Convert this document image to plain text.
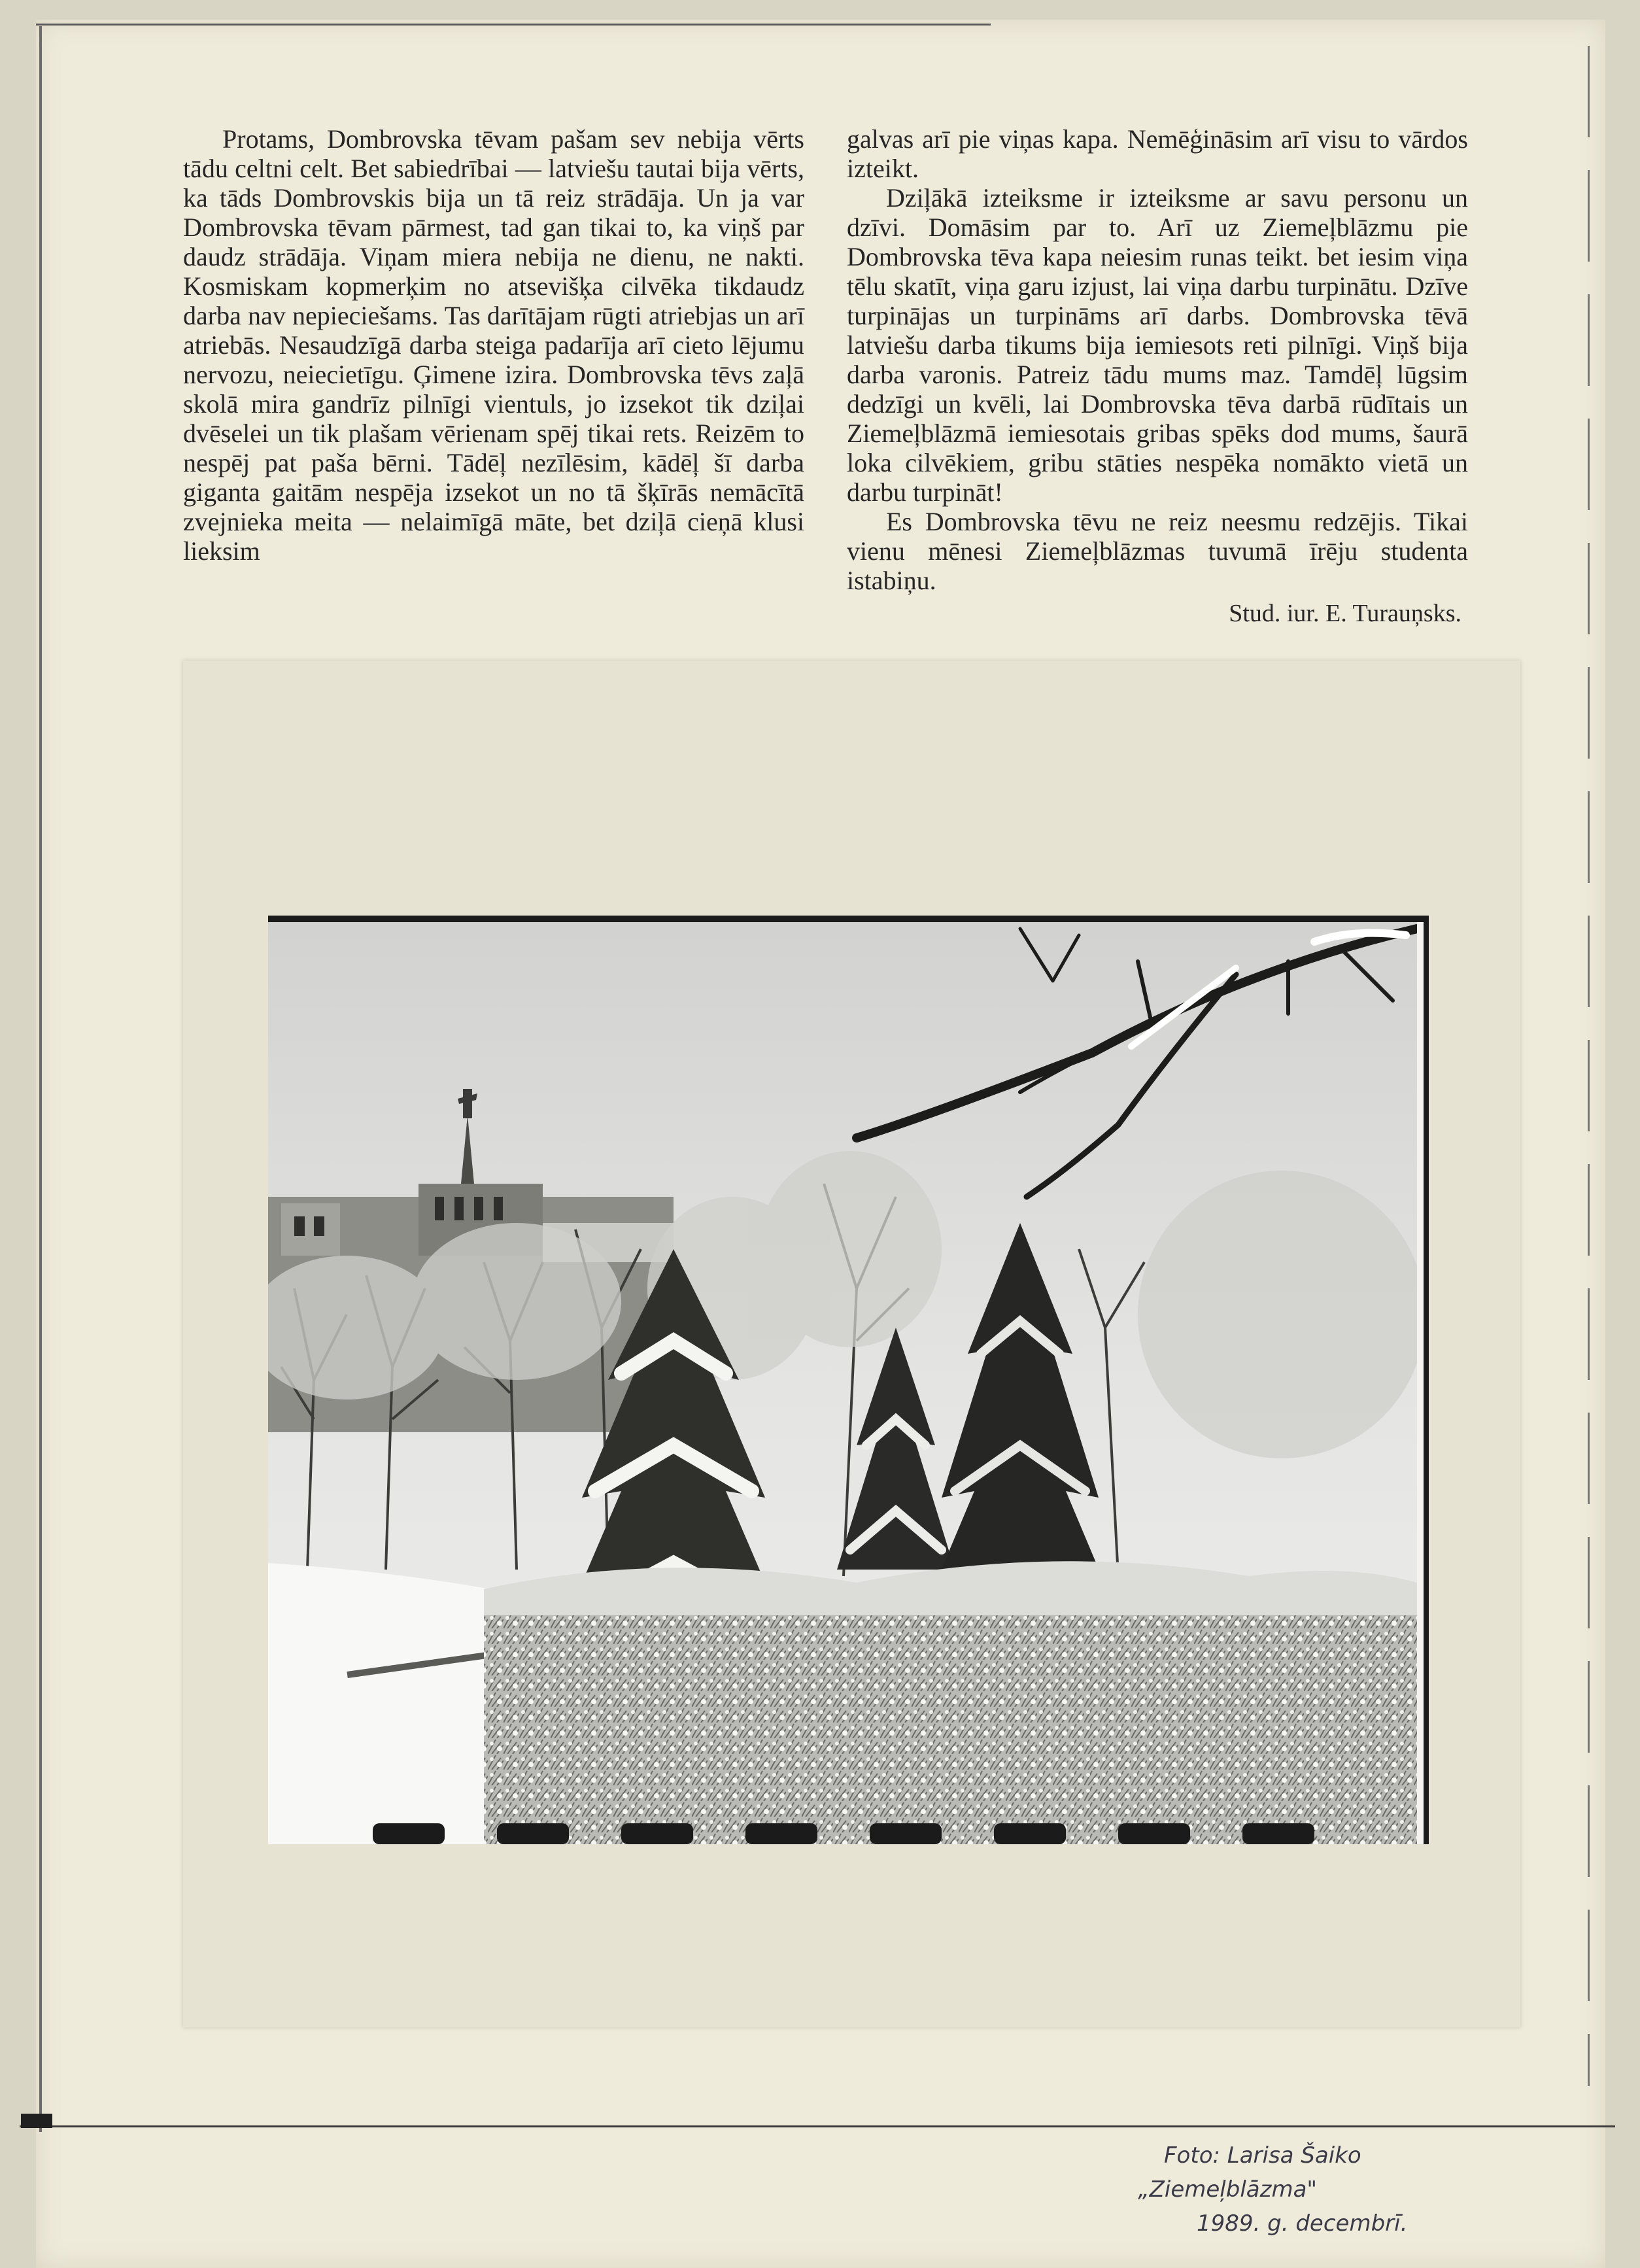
Protams, Dombrovska tēvam pašam sev nebija vērts tādu celtni celt. Bet sabiedrībai — latviešu tautai bija vērts, ka tāds Dombrovskis bija un tā reiz strādāja. Un ja var Dombrovska tēvam pārmest, tad gan tikai to, ka viņš par daudz strādāja. Viņam miera nebija ne dienu, ne nakti. Kosmiskam kopmerķim no atsevišķa cilvēka tikdaudz darba nav nepieciešams. Tas darītājam rūgti atriebjas un arī atriebās. Nesaudzīgā darba steiga padarīja arī cieto lējumu nervozu, neiecietīgu. Ģimene izira. Dombrovska tēvs zaļā skolā mira gandrīz pilnīgi vientuls, jo izsekot tik dziļai dvēselei un tik plašam vērienam spēj tikai rets. Reizēm to nespēj pat paša bērni. Tādēļ nezīlēsim, kādēļ šī darba giganta gaitām nespēja izsekot un no tā šķīrās nemācītā zvejnieka meita — nelaimīgā māte, bet dziļā cieņā klusi lieksim

galvas arī pie viņas kapa. Nemēģināsim arī visu to vārdos izteikt.

Dziļākā izteiksme ir izteiksme ar savu personu un dzīvi. Domāsim par to. Arī uz Ziemeļblāzmu pie Dombrovska tēva kapa neiesim runas teikt. bet iesim viņa tēlu skatīt, viņa garu izjust, lai viņa darbu turpinātu. Dzīve turpinājas un turpināms arī darbs. Dombrovska tēvā latviešu darba tikums bija iemiesots reti pilnīgi. Viņš bija darba varonis. Patreiz tādu mums maz. Tamdēļ lūgsim dedzīgi un kvēli, lai Dombrovska tēva darbā rūdītais un Ziemeļblāzmā iemiesotais gribas spēks dod mums, šaurā loka cilvēkiem, gribu stāties nespēka nomākto vietā un darbu turpināt!

Es Dombrovska tēvu ne reiz neesmu redzējis. Tikai vienu mēnesi Ziemeļblāzmas tuvumā īrēju studenta istabiņu.

Stud. iur. E. Turauņsks.
Foto: Larisa Šaiko
„Ziemeļblāzma"
1989. g. decembrī.
